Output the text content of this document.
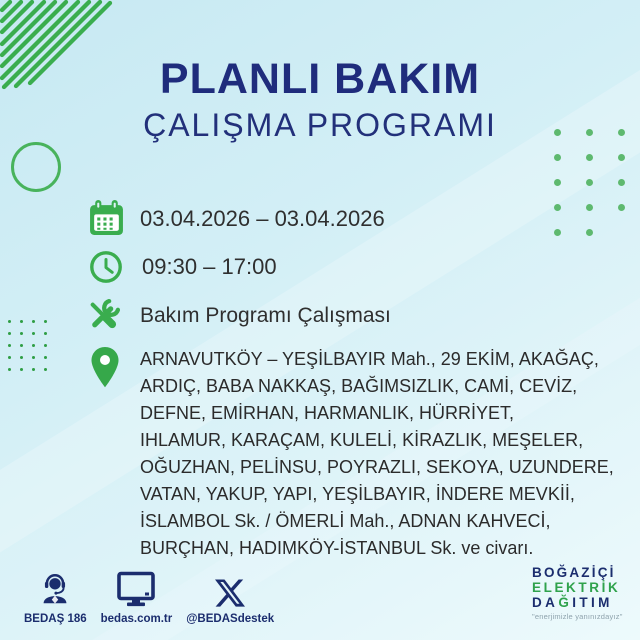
PLANLI BAKIM
ÇALIŞMA PROGRAMI
03.04.2026 – 03.04.2026
09:30 – 17:00
Bakım Programı Çalışması
ARNAVUTKÖY – YEŞİLBAYIR Mah., 29 EKİM, AKAĞAÇ,
ARDIÇ, BABA NAKKAŞ, BAĞIMSIZLIK, CAMİ, CEVİZ,
DEFNE, EMİRHAN, HARMANLIK, HÜRRİYET,
IHLAMUR, KARAÇAM, KULELİ, KİRAZLIK, MEŞELER,
OĞUZHAN, PELİNSU, POYRAZLI, SEKOYA, UZUNDERE,
VATAN, YAKUP, YAPI, YEŞİLBAYIR, İNDERE MEVKİİ,
İSLAMBOL Sk. / ÖMERLİ Mah., ADNAN KAHVECİ,
BURÇHAN, HADIMKÖY-İSTANBUL Sk. ve civarı.
BEDAŞ 186 bedas.com.tr @BEDASdestek
BOĞAZİÇİ
ELEKTRİK
DAĞITIM
"enerjimizle yanınızdayız"
